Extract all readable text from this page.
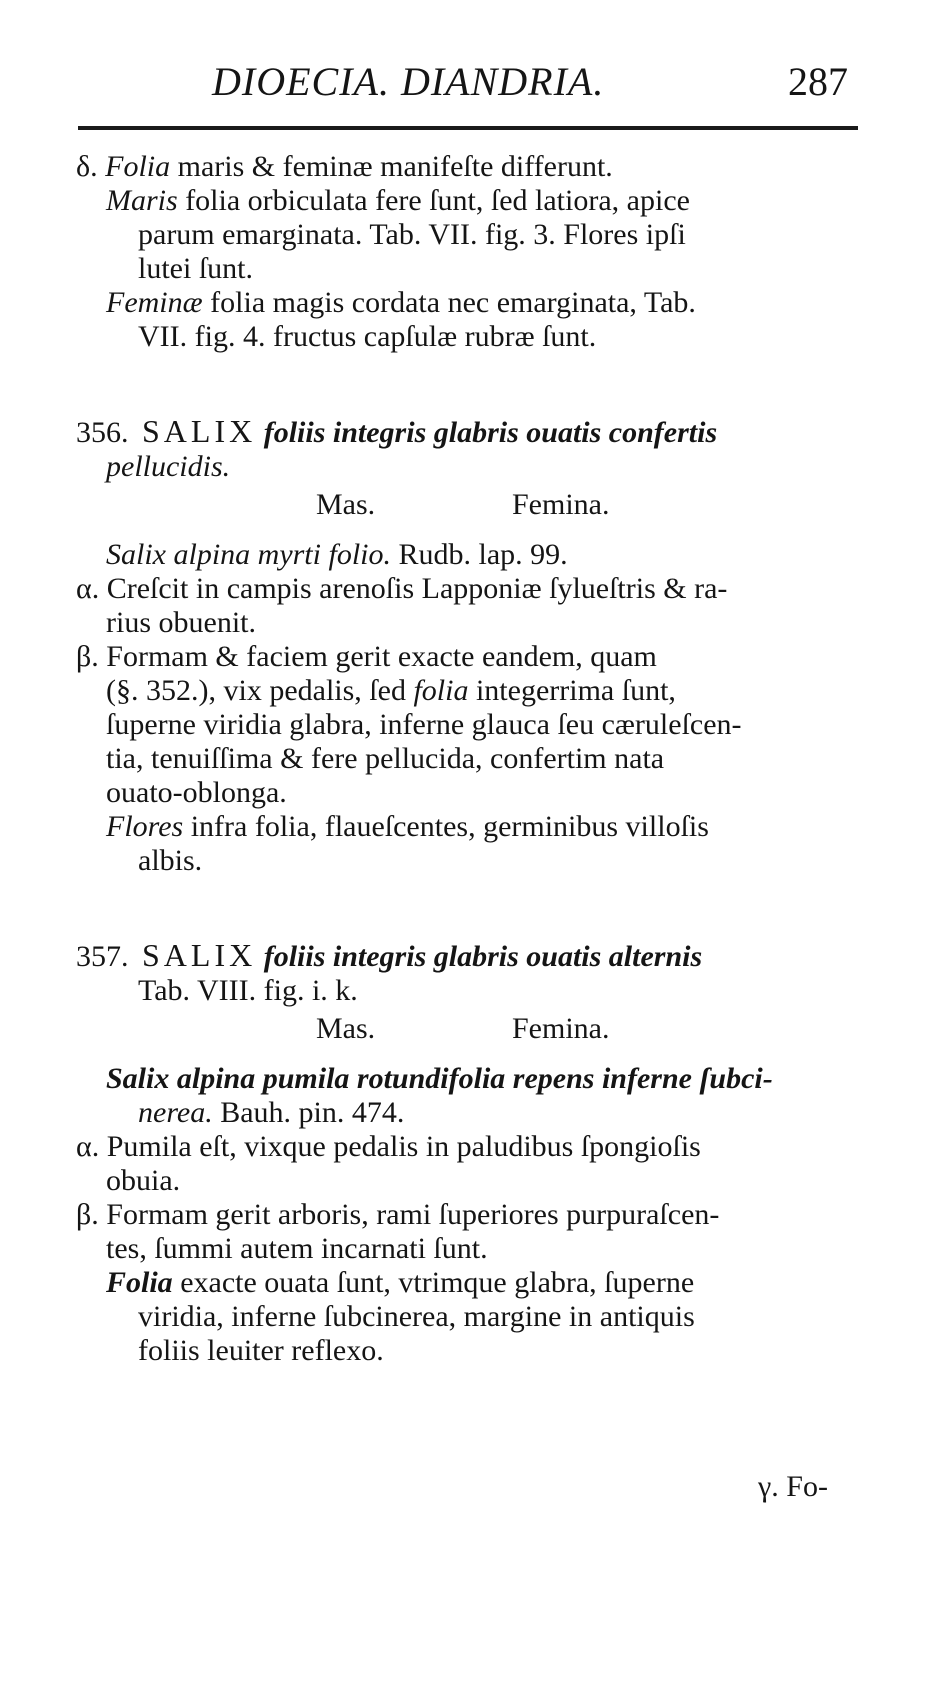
DIOECIA. DIANDRIA.	287
δ. Folia maris & feminæ manifeſte differunt.
Maris folia orbiculata fere ſunt, ſed latiora, apice
parum emarginata. Tab. VII. fig. 3. Flores ipſi
lutei ſunt.
Feminæ folia magis cordata nec emarginata, Tab.
VII. fig. 4. fructus capſulæ rubræ ſunt.
356. SALIX foliis integris glabris ouatis confertis
pellucidis.
Mas.	Femina.
Salix alpina myrti folio. Rudb. lap. 99.
α. Creſcit in campis arenoſis Lapponiæ ſylueſtris & ra-
rius obuenit.
β. Formam & faciem gerit exacte eandem, quam
(§. 352.), vix pedalis, ſed folia integerrima ſunt,
ſuperne viridia glabra, inferne glauca ſeu cæruleſcen-
tia, tenuiſſima & fere pellucida, confertim nata
ouato-oblonga.
Flores infra folia, flaueſcentes, germinibus villoſis
albis.
357. SALIX foliis integris glabris ouatis alternis
Tab. VIII. fig. i. k.
Mas.	Femina.
Salix alpina pumila rotundifolia repens inferne ſubci-
nerea. Bauh. pin. 474.
α. Pumila eſt, vixque pedalis in paludibus ſpongioſis
obuia.
β. Formam gerit arboris, rami ſuperiores purpuraſcen-
tes, ſummi autem incarnati ſunt.
Folia exacte ouata ſunt, vtrimque glabra, ſuperne
viridia, inferne ſubcinerea, margine in antiquis
foliis leuiter reflexo.
γ. Fo-
